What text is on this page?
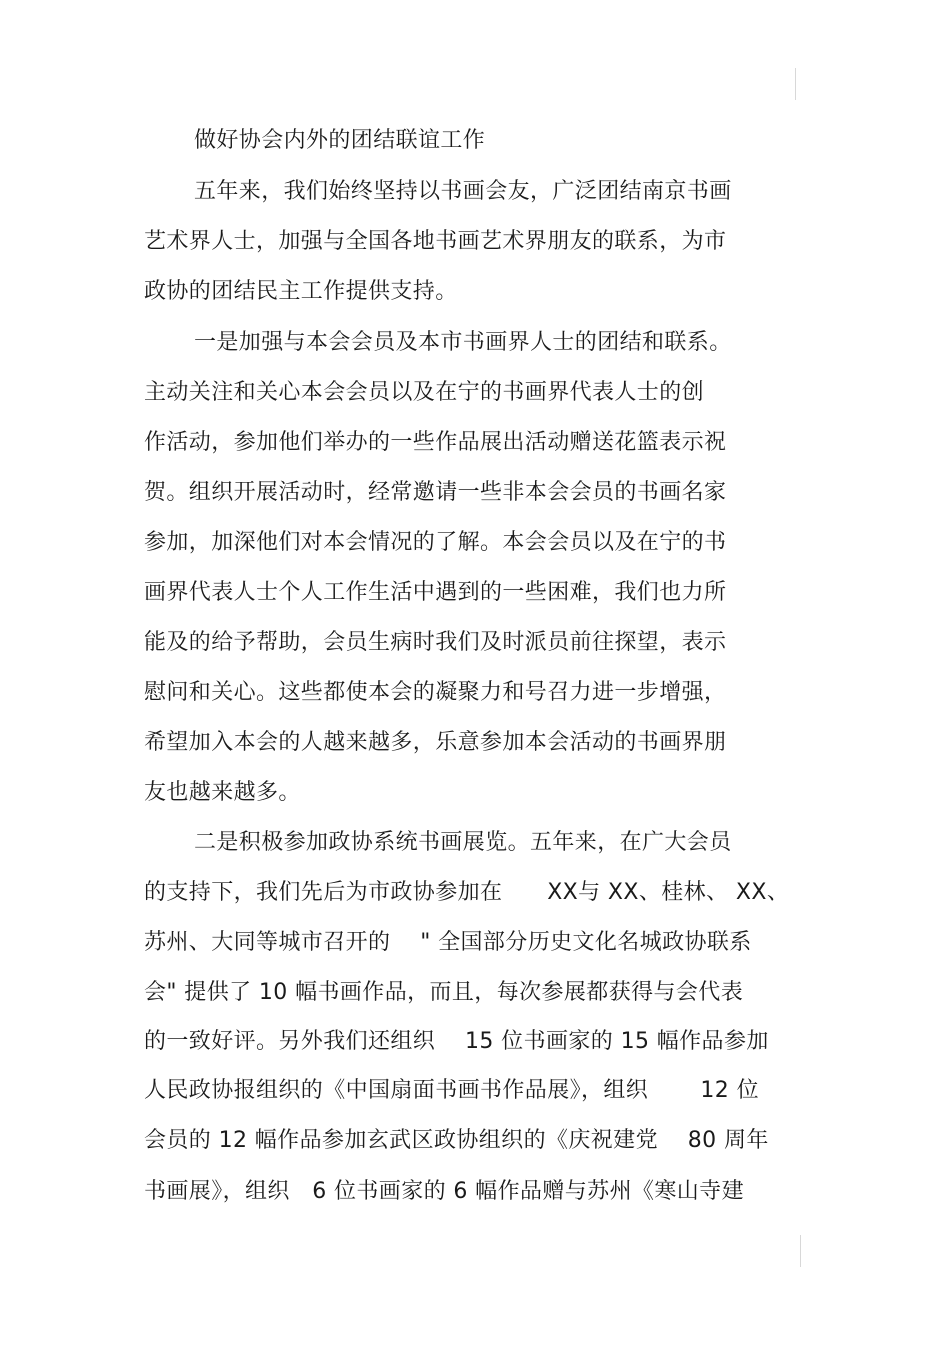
做好协会内外的团结联谊工作
五年来，我们始终坚持以书画会友，广泛团结南京书画
艺术界人士，加强与全国各地书画艺术界朋友的联系，为市
政协的团结民主工作提供支持。
一是加强与本会会员及本市书画界人士的团结和联系。
主动关注和关心本会会员以及在宁的书画界代表人士的创
作活动，参加他们举办的一些作品展出活动赠送花篮表示祝
贺。组织开展活动时，经常邀请一些非本会会员的书画名家
参加，加深他们对本会情况的了解。本会会员以及在宁的书
画界代表人士个人工作生活中遇到的一些困难，我们也力所
能及的给予帮助，会员生病时我们及时派员前往探望，表示
慰问和关心。这些都使本会的凝聚力和号召力进一步增强，
希望加入本会的人越来越多，乐意参加本会活动的书画界朋
友也越来越多。
二是积极参加政协系统书画展览。五年来，在广大会员
的支持下，我们先后为市政协参加在　　XX与 XX、桂林、 XX、
苏州、大同等城市召开的　 " 全国部分历史文化名城政协联系
会" 提供了 10 幅书画作品，而且，每次参展都获得与会代表
的一致好评。另外我们还组织　 15 位书画家的 15 幅作品参加
人民政协报组织的《中国扇面书画书作品展》，组织　　 12 位
会员的 12 幅作品参加玄武区政协组织的《庆祝建党　 80 周年
书画展》，组织　6 位书画家的 6 幅作品赠与苏州《寒山寺建
